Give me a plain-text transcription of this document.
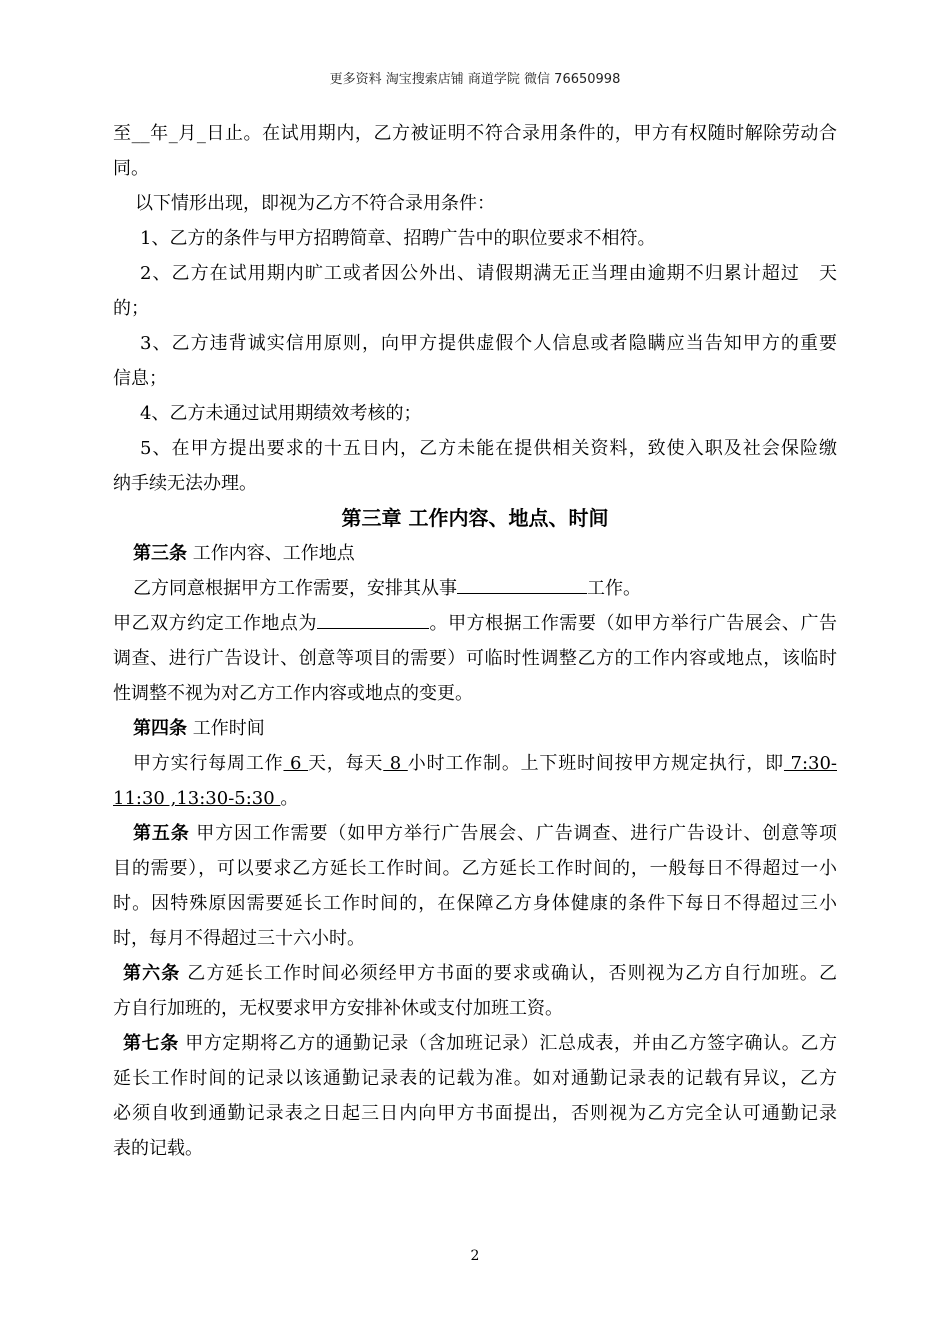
更多资料 淘宝搜索店铺 商道学院 微信 76650998
至__年_月_日止。在试用期内，乙方被证明不符合录用条件的，甲方有权随时解除劳动合
同。
以下情形出现，即视为乙方不符合录用条件：
1、乙方的条件与甲方招聘简章、招聘广告中的职位要求不相符。
2、乙方在试用期内旷工或者因公外出、请假期满无正当理由逾期不归累计超过　天
的；
3、乙方违背诚实信用原则，向甲方提供虚假个人信息或者隐瞒应当告知甲方的重要
信息；
4、乙方未通过试用期绩效考核的；
5、在甲方提出要求的十五日内，乙方未能在提供相关资料，致使入职及社会保险缴
纳手续无法办理。
第三章 工作内容、地点、时间
第三条 工作内容、工作地点
乙方同意根据甲方工作需要，安排其从事	工作。
甲乙双方约定工作地点为	。甲方根据工作需要（如甲方举行广告展会、广告
调查、进行广告设计、创意等项目的需要）可临时性调整乙方的工作内容或地点，该临时
性调整不视为对乙方工作内容或地点的变更。
第四条 工作时间
甲方实行每周工作 6 天，每天 8 小时工作制。上下班时间按甲方规定执行，即 7:30-
11:30 ,13:30-5:30 。
第五条 甲方因工作需要（如甲方举行广告展会、广告调查、进行广告设计、创意等项
目的需要），可以要求乙方延长工作时间。乙方延长工作时间的，一般每日不得超过一小
时。因特殊原因需要延长工作时间的，在保障乙方身体健康的条件下每日不得超过三小
时，每月不得超过三十六小时。
第六条 乙方延长工作时间必须经甲方书面的要求或确认，否则视为乙方自行加班。乙
方自行加班的，无权要求甲方安排补休或支付加班工资。
第七条 甲方定期将乙方的通勤记录（含加班记录）汇总成表，并由乙方签字确认。乙方
延长工作时间的记录以该通勤记录表的记载为准。如对通勤记录表的记载有异议，乙方
必须自收到通勤记录表之日起三日内向甲方书面提出，否则视为乙方完全认可通勤记录
表的记载。
2
